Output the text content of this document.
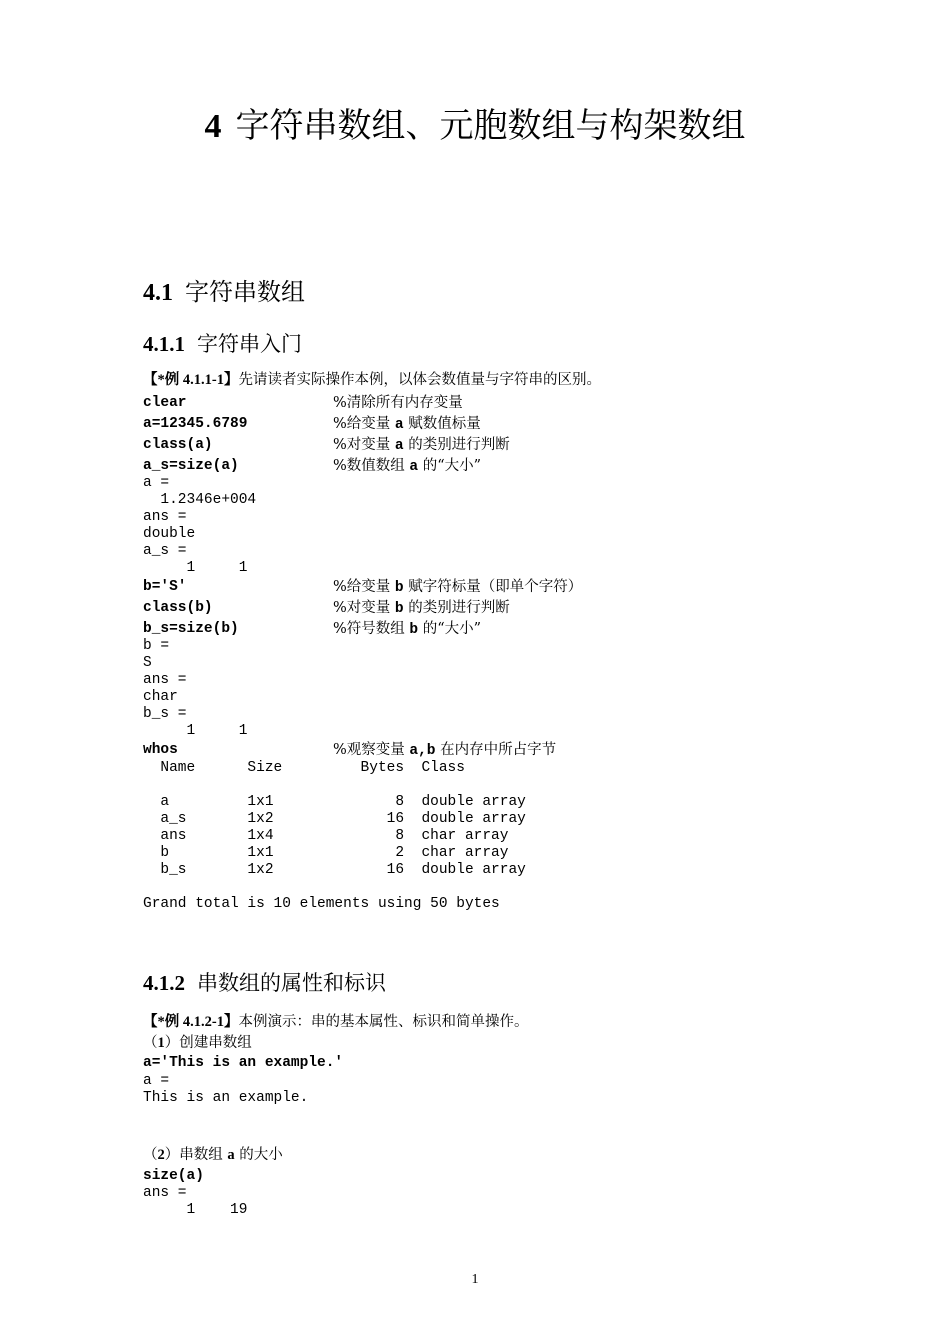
4 字符串数组、元胞数组与构架数组
4.1 字符串数组
4.1.1 字符串入门
【*例 4.1.1-1】先请读者实际操作本例，以体会数值量与字符串的区别。
clear	%清除所有内存变量
a=12345.6789	%给变量 a 赋数值标量
class(a)	%对变量 a 的类别进行判断
a_s=size(a)	%数值数组 a 的“大小”
a =
1.2346e+004
ans =
double
a_s =
1     1
b='S'	%给变量 b 赋字符标量（即单个字符）
class(b)	%对变量 b 的类别进行判断
b_s=size(b)	%符号数组 b 的“大小”
b =
S
ans =
char
b_s =
1     1
whos	%观察变量 a,b 在内存中所占字节
Name      Size         Bytes  Class
a         1x1              8  double array
a_s       1x2             16  double array
ans       1x4              8  char array
b         1x1              2  char array
b_s       1x2             16  double array
Grand total is 10 elements using 50 bytes
4.1.2 串数组的属性和标识
【*例 4.1.2-1】本例演示：串的基本属性、标识和简单操作。
（1）创建串数组
a='This is an example.'
a =
This is an example.
（2）串数组 a 的大小
size(a)
ans =
1    19
1
